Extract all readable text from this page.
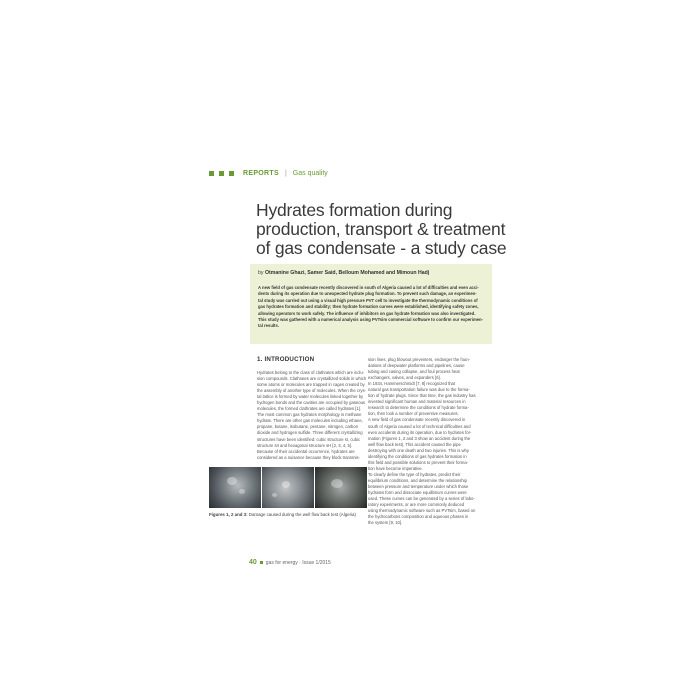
REPORTS | Gas quality
Hydrates formation during
production, transport & treatment
of gas condensate - a study case
by Otmanine Ghazi, Samer Said, Belloum Mohamed and Mimoun Hadj
A new field of gas condensate recently discovered in south of Algeria caused a lot of difficulties and even acci-
dents during its operation due to unexpected hydrate plug formation. To prevent such damage, an experimen-
tal study was carried out using a visual high pressure PVT cell to investigate the thermodynamic conditions of
gas hydrates formation and stability; then hydrate formation curves were established, identifying safety zones,
allowing operators to work safely. The influence of inhibitors on gas hydrate formation was also investigated.
This study was gathered with a numerical analysis using PVTsim commercial software to confirm our experimen-
tal results.
1. INTRODUCTION
Hydrates belong to the class of clathrates which are inclu-
sion compounds. Clathrates are crystallized solids in which
some atoms or molecules are trapped in cages created by
the assembly of another type of molecules. When the crys-
tal lattice is formed by water molecules linked together by
hydrogen bonds and the cavities are occupied by gaseous
molecules, the formed clathrates are called hydrates [1].
The most common gas hydrates morphology is methane
hydrate. There are other gas molecules including ethane,
propane, butane, isobutane, pentane, nitrogen, carbon
dioxide and hydrogen sulfide. Three different crystallizing
structures have been identified: cubic structure sI, cubic
structure sII and hexagonal structure sH [2, 3, 4, 5].
Because of their accidental occurrence, hydrates are
considered as a nuisance because they block transmis-
sion lines, plug blowout preventers, endanger the foun-
dations of deepwater platforms and pipelines, cause
tubing and casing collapse, and foul process heat
exchangers, valves, and expanders [6].
In 1934, Hammerschmidt [7, 8] recognized that
natural gas transportation failure was due to the forma-
tion of hydrate plugs. Since that time, the gas industry has
invested significant human and material resources in
research to determine the conditions of hydrate forma-
tion, then look a number of preventive measures.
A new field of gas condensate recently discovered in
south of Algeria caused a lot of technical difficulties and
even accidents during its operation, due to hydrates for-
mation (Figures 1, 2 and 3 show an accident during the
well flow back test). This accident caused the pipe
destroying with one death and two injuries. This is why
identifying the conditions of gas hydrates formation in
this field and possible solutions to prevent their forma-
tion have become imperative.
To clearly define the type of hydrates, predict their
equilibrium conditions, and determine the relationship
between pressure and temperature under which those
hydrates form and dissociate equilibrium curves were
used. These curves can be generated by a series of labo-
ratory experiments, or are more commonly deduced
using thermodynamic software such as PVTsim, based on
the hydrocarbons composition and aqueous phases in
the system [9, 10].
Figures 1, 2 and 3: Damage caused during the well flow back test (Algeria)
40 gas for energy · Issue 1/2015
